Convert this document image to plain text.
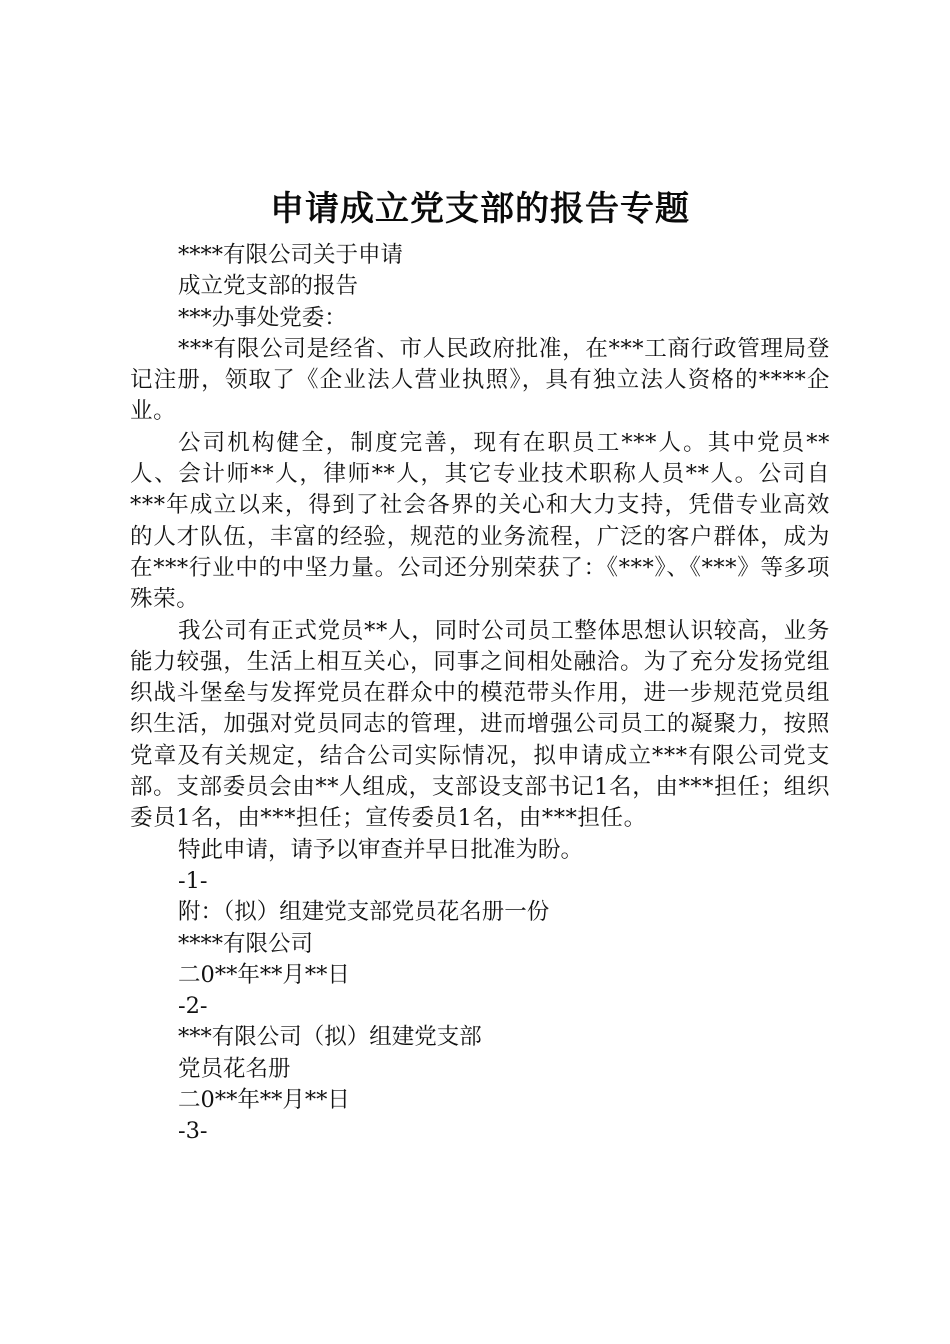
申请成立党支部的报告专题

****有限公司关于申请

成立党支部的报告

***办事处党委：

***有限公司是经省、市人民政府批准，在***工商行政管理局登记注册，领取了《企业法人营业执照》，具有独立法人资格的****企业。

公司机构健全，制度完善，现有在职员工***人。其中党员**人、会计师**人，律师**人，其它专业技术职称人员**人。公司自***年成立以来，得到了社会各界的关心和大力支持，凭借专业高效的人才队伍，丰富的经验，规范的业务流程，广泛的客户群体，成为在***行业中的中坚力量。公司还分别荣获了：《***》、《***》等多项殊荣。

我公司有正式党员**人，同时公司员工整体思想认识较高，业务能力较强，生活上相互关心，同事之间相处融洽。为了充分发扬党组织战斗堡垒与发挥党员在群众中的模范带头作用，进一步规范党员组织生活，加强对党员同志的管理，进而增强公司员工的凝聚力，按照党章及有关规定，结合公司实际情况，拟申请成立***有限公司党支部。支部委员会由**人组成，支部设支部书记1名，由***担任；组织委员1名，由***担任；宣传委员1名，由***担任。

特此申请，请予以审查并早日批准为盼。

-1-

附：（拟）组建党支部党员花名册一份

****有限公司

二0**年**月**日

-2-

***有限公司（拟）组建党支部

党员花名册

二0**年**月**日

-3-
